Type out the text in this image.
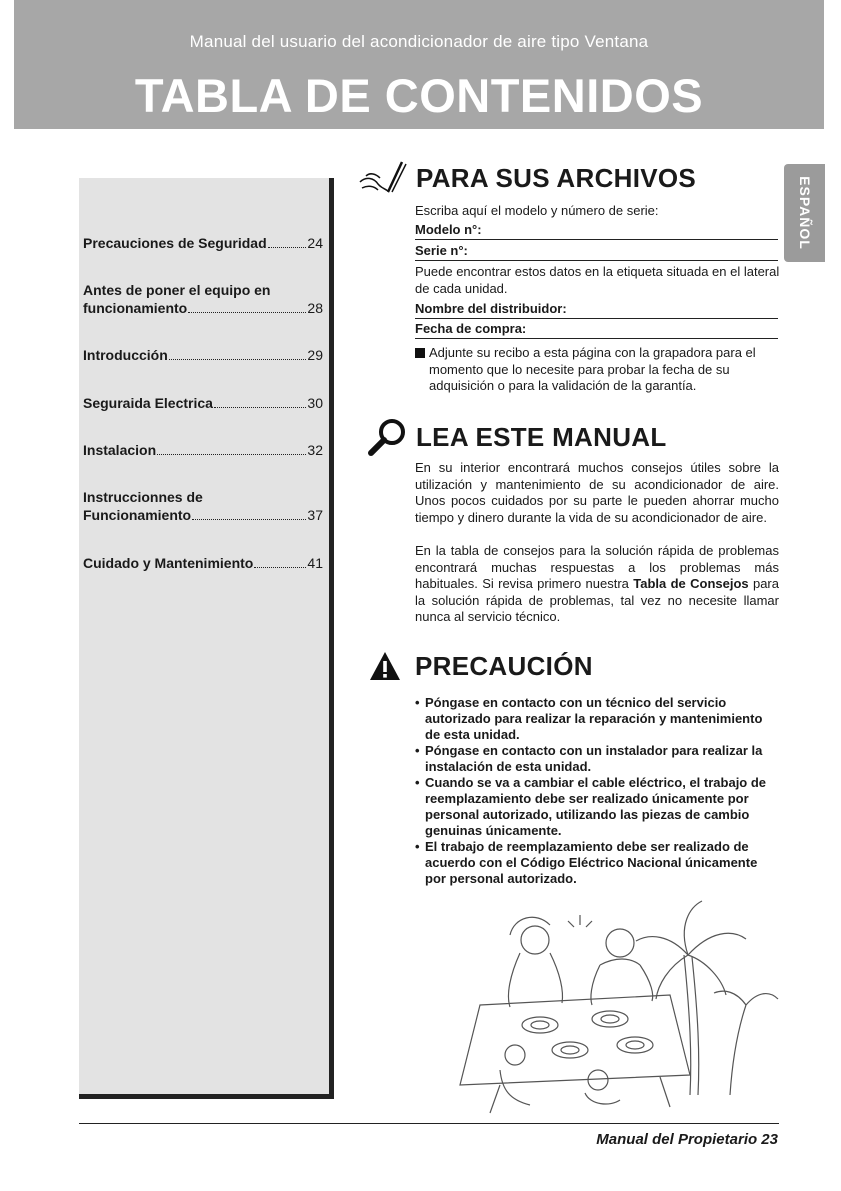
Manual del usuario del acondicionador de aire tipo Ventana
TABLA DE CONTENIDOS
ESPAÑOL
Precauciones de Seguridad	24
Antes de poner el equipo en
funcionamiento	28
Introducción	29
Seguraida Electrica	30
Instalacion	32
Instruccionnes de
Funcionamiento	37
Cuidado y Mantenimiento	41
PARA SUS ARCHIVOS
Escriba aquí el modelo y número de serie:
Modelo n°:
Serie n°:
Puede encontrar estos datos en la etiqueta situada en el lateral de cada unidad.
Nombre del distribuidor:
Fecha de compra:
Adjunte su recibo a esta página con la grapadora para el momento que lo necesite para probar la fecha de su adquisición o para la validación de la garantía.
LEA ESTE MANUAL
En su interior encontrará muchos consejos útiles sobre la utilización y mantenimiento de su acondicionador de aire. Unos pocos cuidados por su parte le pueden ahorrar mucho tiempo y dinero durante la vida de su acondicionador de aire.
En la tabla de consejos para la solución rápida de problemas encontrará muchas respuestas a los problemas más habituales. Si revisa primero nuestra Tabla de Consejos para la solución rápida de problemas, tal vez no necesite llamar nunca al servicio técnico.
PRECAUCIÓN
• Póngase en contacto con un técnico del servicio autorizado para realizar la reparación y mantenimiento de esta unidad.
• Póngase en contacto con un instalador para realizar la instalación de esta unidad.
• Cuando se va a cambiar el cable eléctrico, el trabajo de reemplazamiento debe ser realizado únicamente por personal autorizado, utilizando las piezas de cambio genuinas únicamente.
• El trabajo de reemplazamiento debe ser realizado de acuerdo con el Código Eléctrico Nacional únicamente por personal autorizado.
Manual del Propietario 23
